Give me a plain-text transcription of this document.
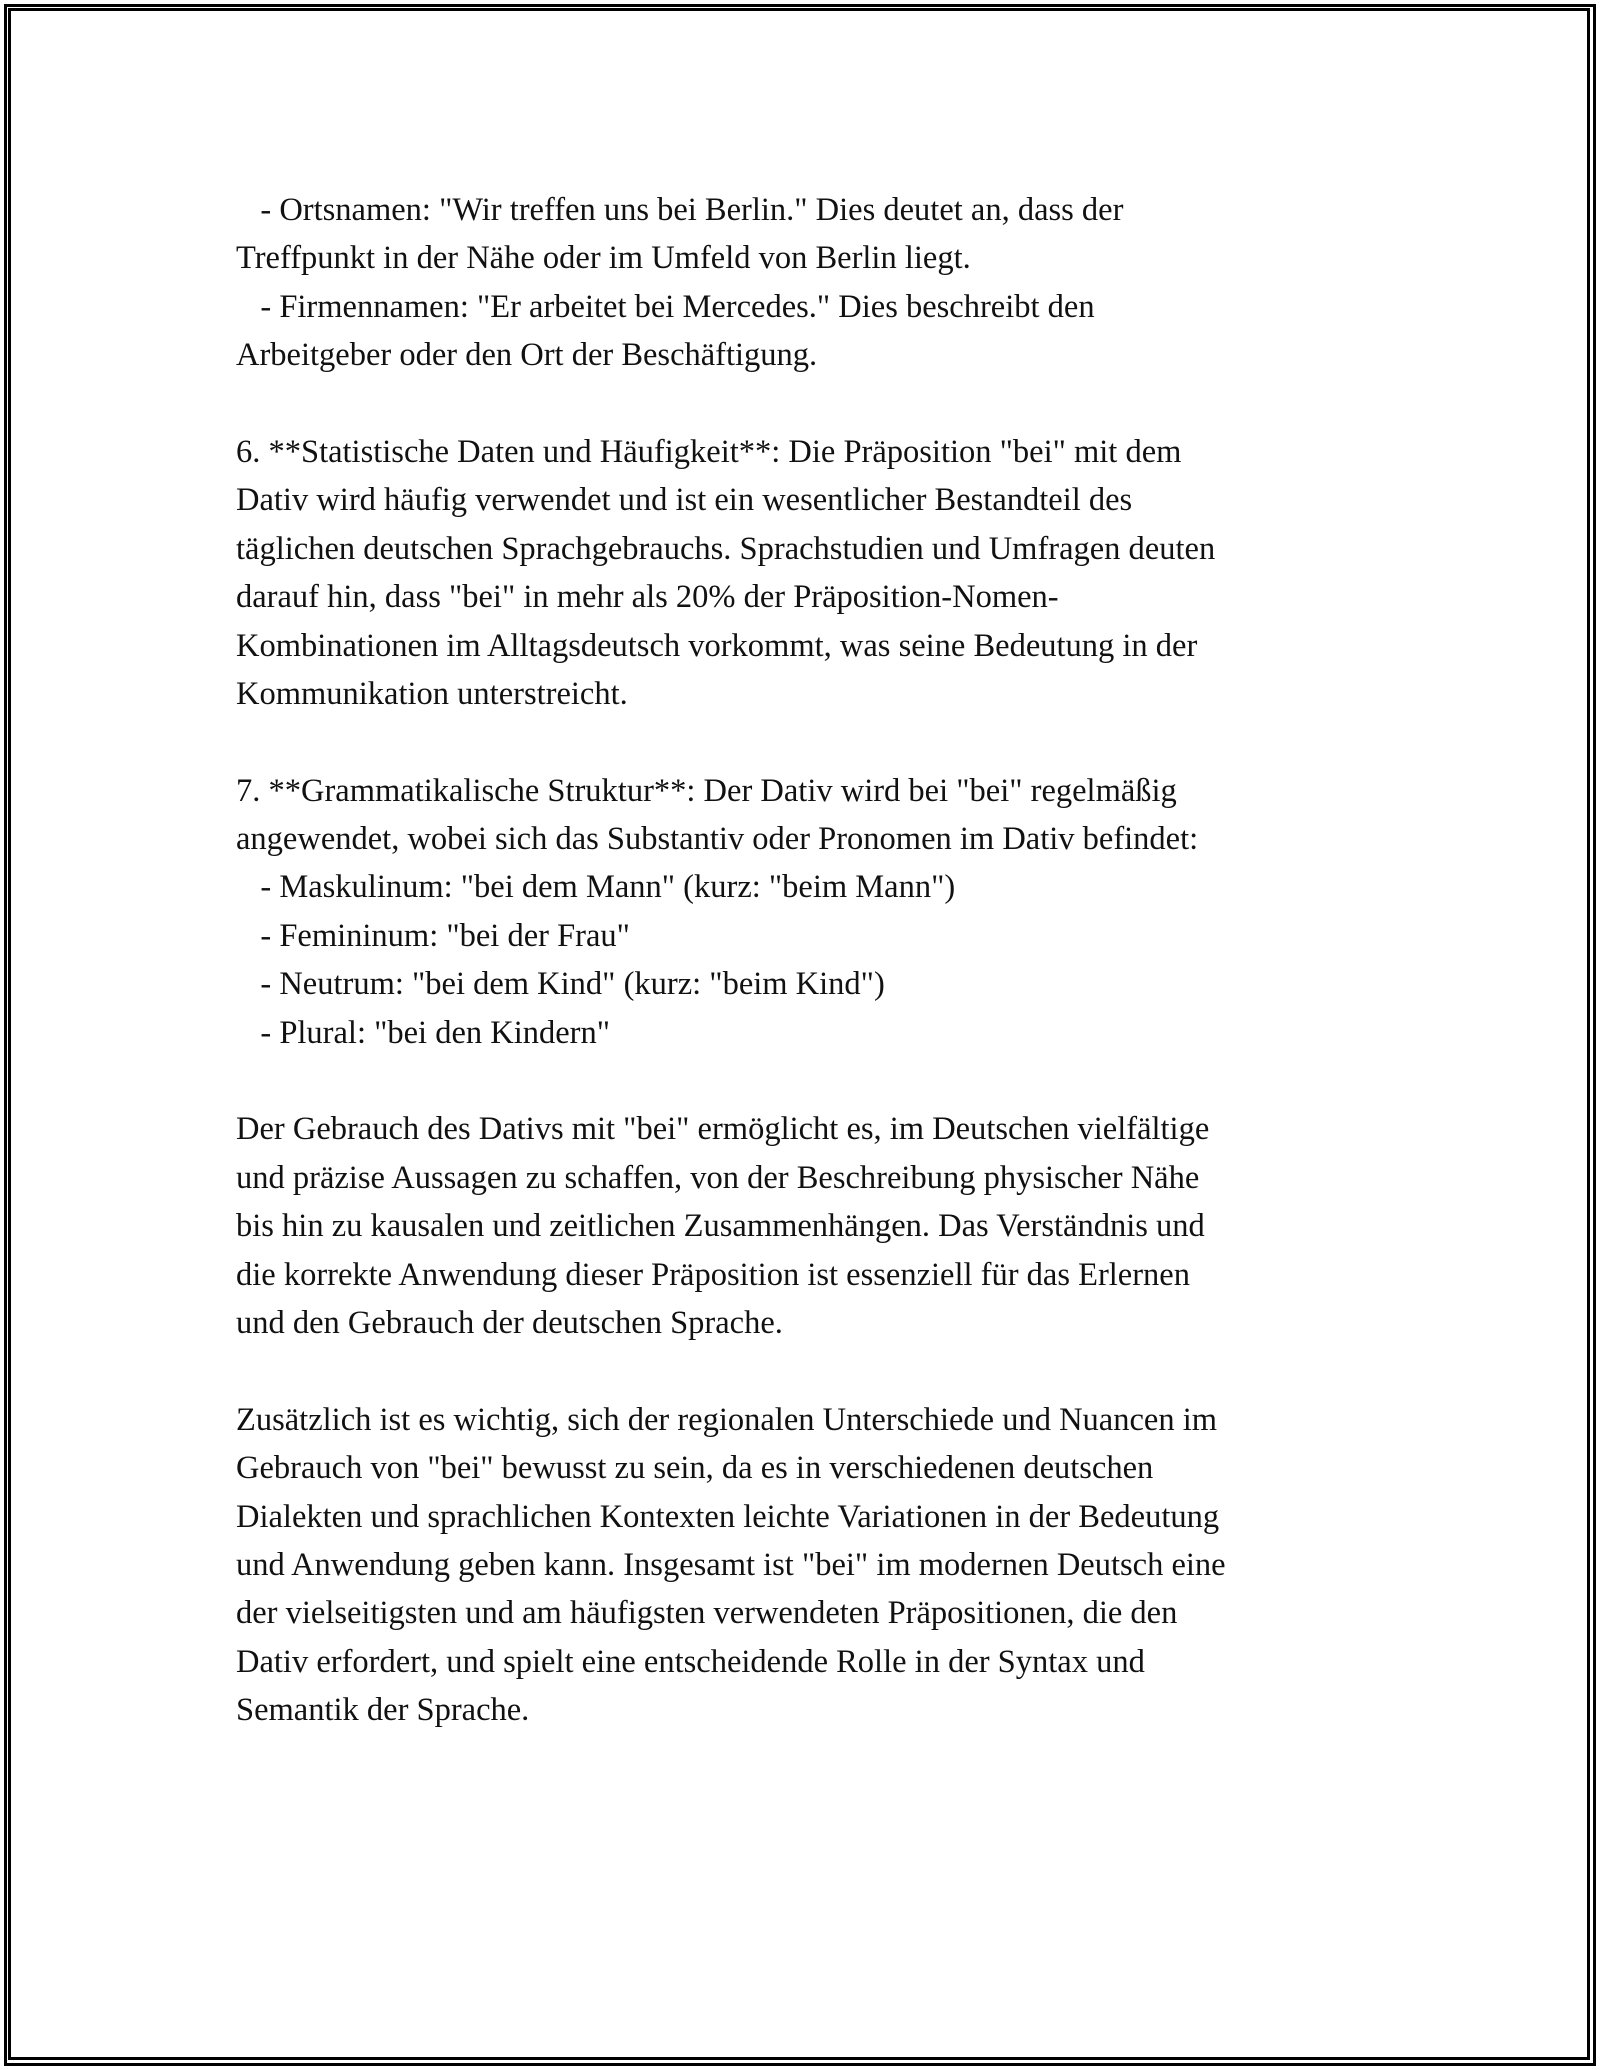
- Ortsnamen: "Wir treffen uns bei Berlin." Dies deutet an, dass der
Treffpunkt in der Nähe oder im Umfeld von Berlin liegt.
- Firmennamen: "Er arbeitet bei Mercedes." Dies beschreibt den
Arbeitgeber oder den Ort der Beschäftigung.
6. **Statistische Daten und Häufigkeit**: Die Präposition "bei" mit dem
Dativ wird häufig verwendet und ist ein wesentlicher Bestandteil des
täglichen deutschen Sprachgebrauchs. Sprachstudien und Umfragen deuten
darauf hin, dass "bei" in mehr als 20% der Präposition-Nomen-
Kombinationen im Alltagsdeutsch vorkommt, was seine Bedeutung in der
Kommunikation unterstreicht.
7. **Grammatikalische Struktur**: Der Dativ wird bei "bei" regelmäßig
angewendet, wobei sich das Substantiv oder Pronomen im Dativ befindet:
- Maskulinum: "bei dem Mann" (kurz: "beim Mann")
- Femininum: "bei der Frau"
- Neutrum: "bei dem Kind" (kurz: "beim Kind")
- Plural: "bei den Kindern"
Der Gebrauch des Dativs mit "bei" ermöglicht es, im Deutschen vielfältige
und präzise Aussagen zu schaffen, von der Beschreibung physischer Nähe
bis hin zu kausalen und zeitlichen Zusammenhängen. Das Verständnis und
die korrekte Anwendung dieser Präposition ist essenziell für das Erlernen
und den Gebrauch der deutschen Sprache.
Zusätzlich ist es wichtig, sich der regionalen Unterschiede und Nuancen im
Gebrauch von "bei" bewusst zu sein, da es in verschiedenen deutschen
Dialekten und sprachlichen Kontexten leichte Variationen in der Bedeutung
und Anwendung geben kann. Insgesamt ist "bei" im modernen Deutsch eine
der vielseitigsten und am häufigsten verwendeten Präpositionen, die den
Dativ erfordert, und spielt eine entscheidende Rolle in der Syntax und
Semantik der Sprache.
